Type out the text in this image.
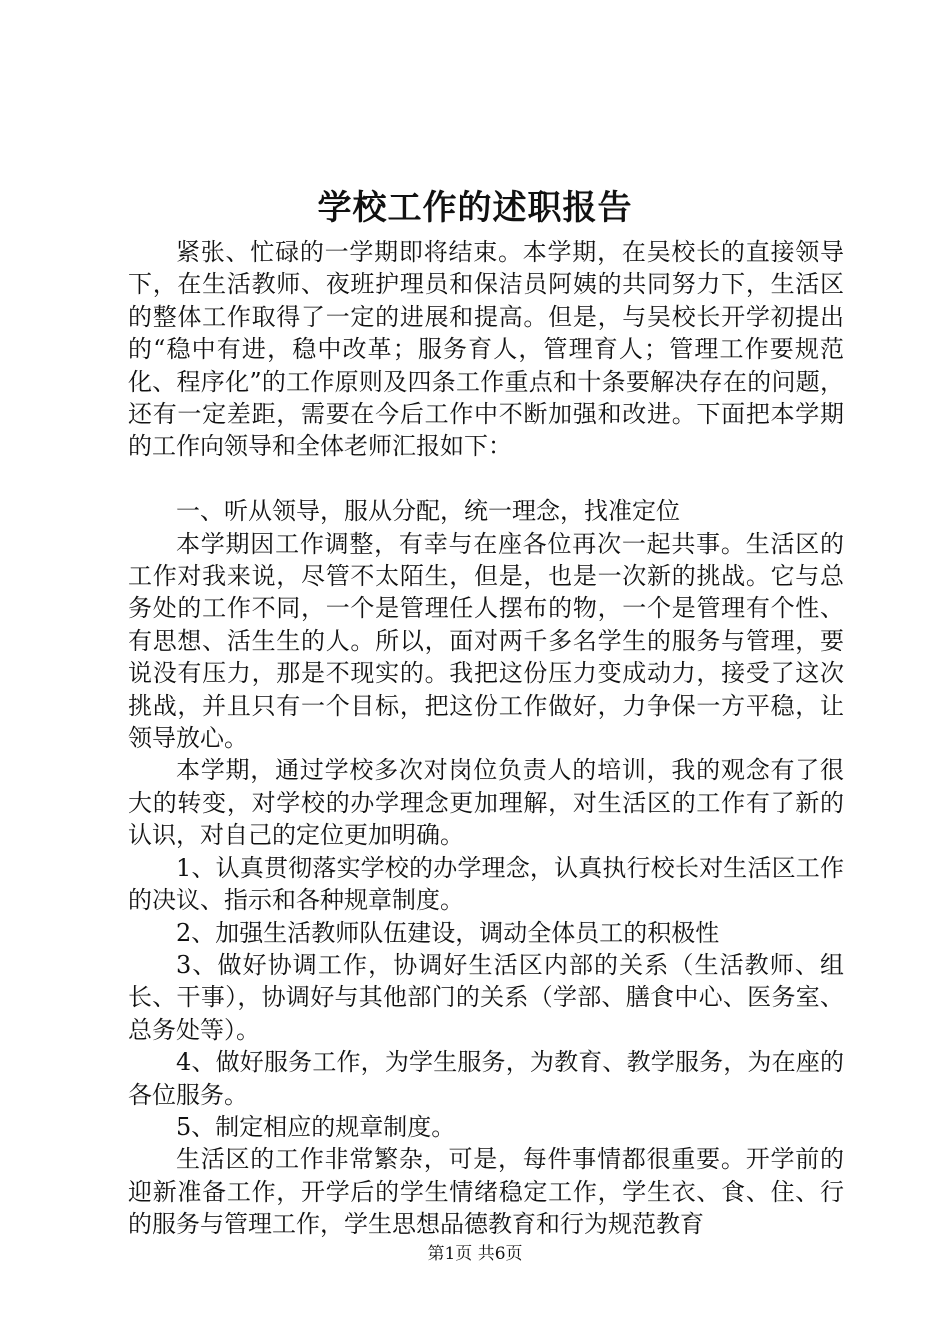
学校工作的述职报告

紧张、忙碌的一学期即将结束。本学期，在吴校长的直接领导下，在生活教师、夜班护理员和保洁员阿姨的共同努力下，生活区的整体工作取得了一定的进展和提高。但是，与吴校长开学初提出的“稳中有进，稳中改革；服务育人，管理育人；管理工作要规范化、程序化”的工作原则及四条工作重点和十条要解决存在的问题，还有一定差距，需要在今后工作中不断加强和改进。下面把本学期的工作向领导和全体老师汇报如下：

一、听从领导，服从分配，统一理念，找准定位

本学期因工作调整，有幸与在座各位再次一起共事。生活区的工作对我来说，尽管不太陌生，但是，也是一次新的挑战。它与总务处的工作不同，一个是管理任人摆布的物，一个是管理有个性、有思想、活生生的人。所以，面对两千多名学生的服务与管理，要说没有压力，那是不现实的。我把这份压力变成动力，接受了这次挑战，并且只有一个目标，把这份工作做好，力争保一方平稳，让领导放心。

本学期，通过学校多次对岗位负责人的培训，我的观念有了很大的转变，对学校的办学理念更加理解，对生活区的工作有了新的认识，对自己的定位更加明确。

1、认真贯彻落实学校的办学理念，认真执行校长对生活区工作的决议、指示和各种规章制度。

2、加强生活教师队伍建设，调动全体员工的积极性

3、做好协调工作，协调好生活区内部的关系（生活教师、组长、干事），协调好与其他部门的关系（学部、膳食中心、医务室、总务处等）。

4、做好服务工作，为学生服务，为教育、教学服务，为在座的各位服务。

5、制定相应的规章制度。

生活区的工作非常繁杂，可是，每件事情都很重要。开学前的迎新准备工作，开学后的学生情绪稳定工作，学生衣、食、住、行的服务与管理工作，学生思想品德教育和行为规范教育

第1页 共6页
